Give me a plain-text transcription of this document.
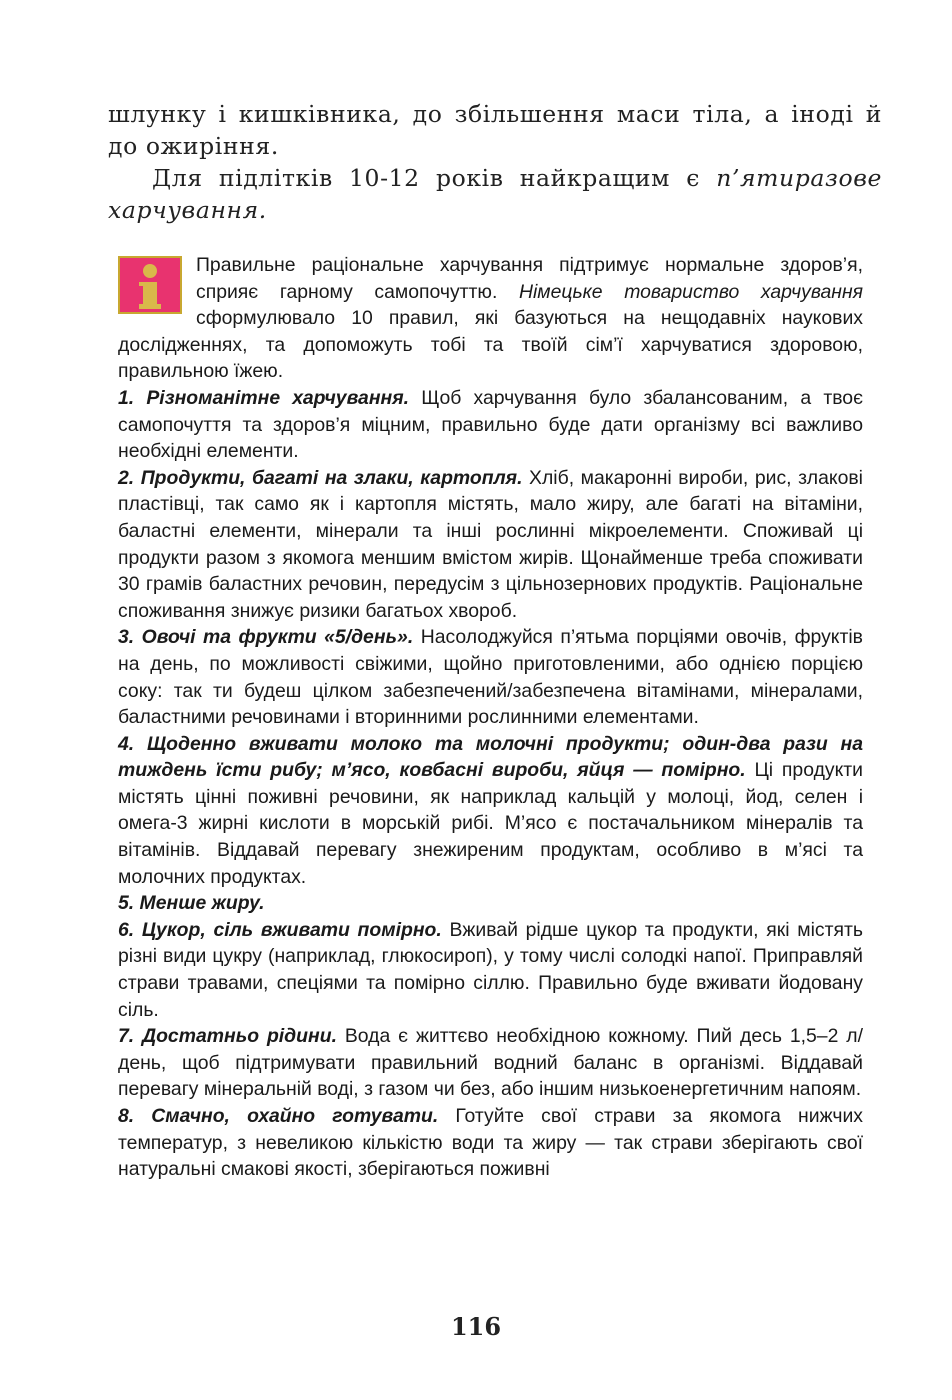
шлунку і кишківника, до збільшення маси тіла, а іноді й до ожиріння.

Для підлітків 10-12 років найкращим є п’ятиразове харчування.

Правильне раціональне харчування підтримує нормальне здоров’я, сприяє гарному самопочуттю. Німецьке товариство харчування сформулювало 10 правил, які базуються на нещодавніх наукових дослідженнях, та допоможуть тобі та твоїй сім’ї харчуватися здоровою, правильною їжею.

1. Різноманітне харчування. Щоб харчування було збалансованим, а твоє самопочуття та здоров’я міцним, правильно буде дати організму всі важливо необхідні елементи.

2. Продукти, багаті на злаки, картопля. Хліб, макаронні вироби, рис, злакові пластівці, так само як і картопля містять, мало жиру, але багаті на вітаміни, баластні елементи, мінерали та інші рослинні мікроелементи. Споживай ці продукти разом з якомога меншим вмістом жирів. Щонайменше треба споживати 30 грамів баластних речовин, передусім з цільнозернових продуктів. Раціональне споживання знижує ризики багатьох хвороб.

3. Овочі та фрукти «5/день». Насолоджуйся п’ятьма порціями овочів, фруктів на день, по можливості свіжими, щойно приготовленими, або однією порцією соку: так ти будеш цілком забезпечений/забезпечена вітамінами, мінералами, баластними речовинами і вторинними рослинними елементами.

4. Щоденно вживати молоко та молочні продукти; один-два рази на тиждень їсти рибу; м’ясо, ковбасні вироби, яйця — помірно. Ці продукти містять цінні поживні речовини, як наприклад кальцій у молоці, йод, селен і омега-3 жирні кислоти в морській рибі. М’ясо є постачальником мінералів та вітамінів. Віддавай перевагу знежиреним продуктам, особливо в м’ясі та молочних продуктах.

5. Менше жиру.

6. Цукор, сіль вживати помірно. Вживай рідше цукор та продукти, які містять різні види цукру (наприклад, глюкосироп), у тому числі солодкі напої. Приправляй страви травами, спеціями та помірно сіллю. Правильно буде вживати йодовану сіль.

7. Достатньо рідини. Вода є життєво необхідною кожному. Пий десь 1,5–2 л/день, щоб підтримувати правильний водний баланс в організмі. Віддавай перевагу мінеральній воді, з газом чи без, або іншим низькоенергетичним напоям.

8. Смачно, охайно готувати. Готуйте свої страви за якомога нижчих температур, з невеликою кількістю води та жиру — так страви зберігають свої натуральні смакові якості, зберігаються поживні

116
